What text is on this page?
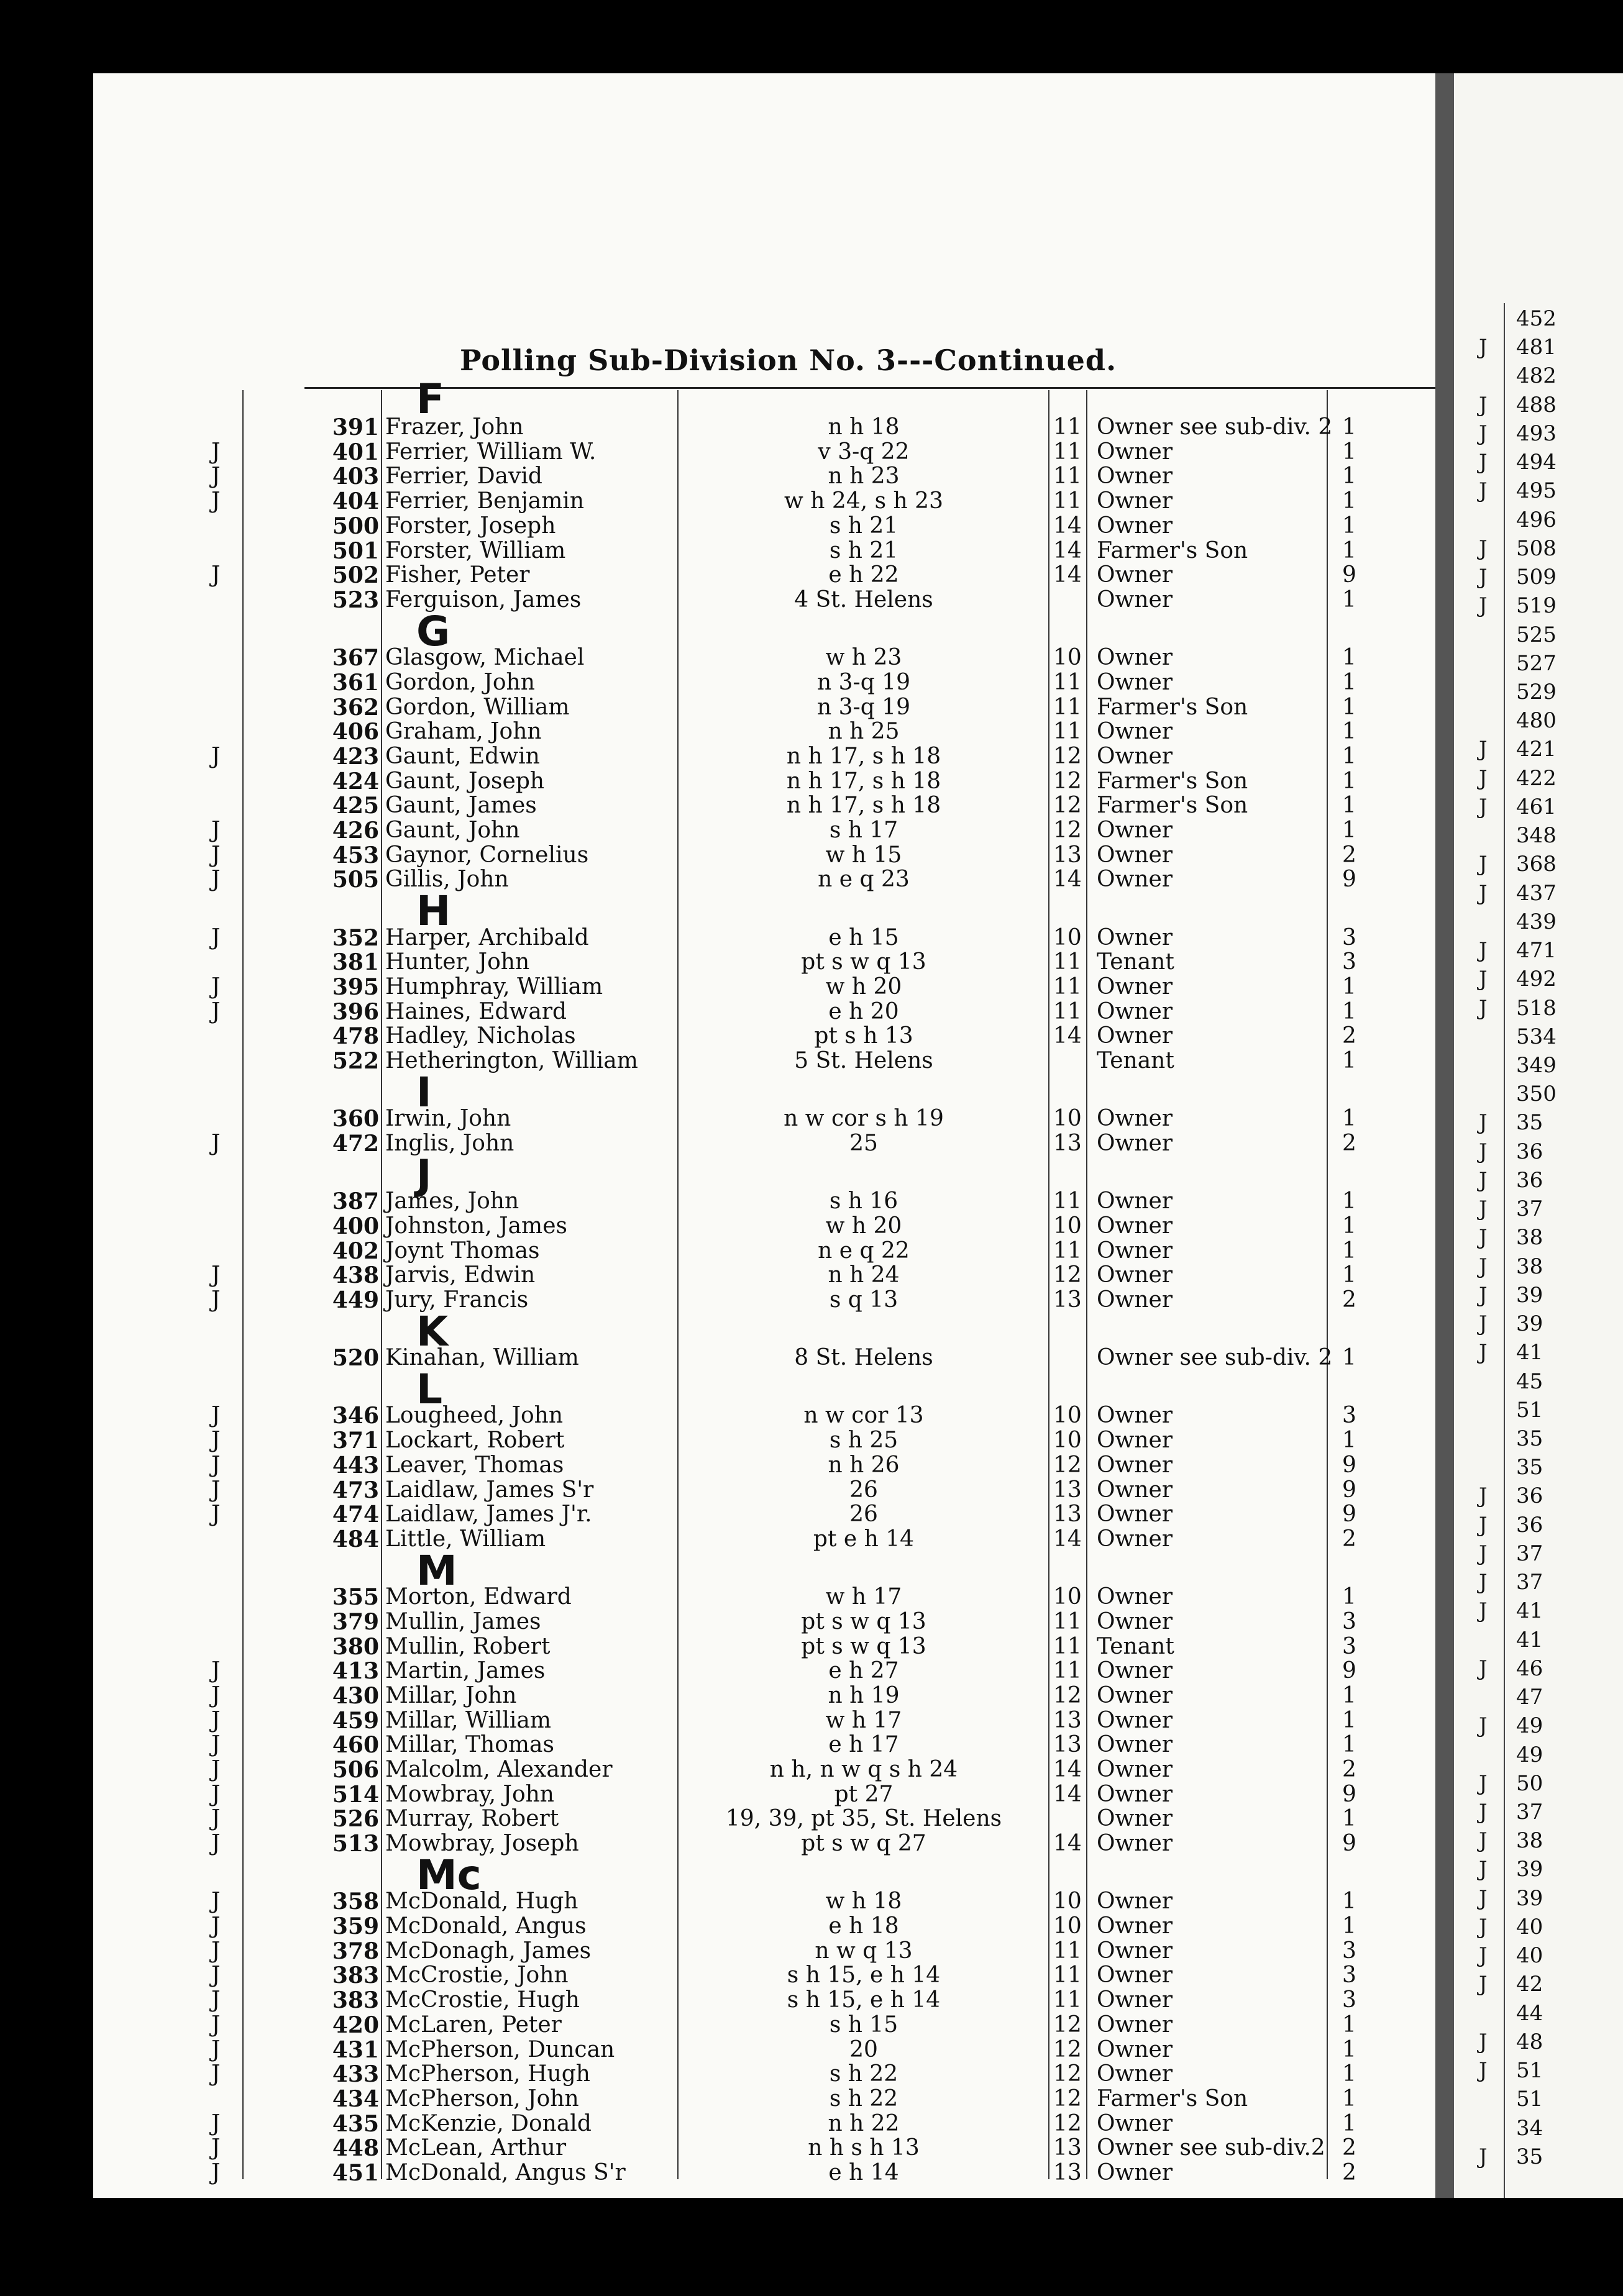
Polling Sub-Division No. 3---Continued.
F
391 Frazer, John	n h 18	11 Owner see sub-div. 2 1
J	401 Ferrier, William W.	v 3-q 22	11 Owner	1
J	403 Ferrier, David	n h 23	11 Owner	1
J	404 Ferrier, Benjamin	w h 24, s h 23	11 Owner	1
500 Forster, Joseph	s h 21	14 Owner	1
501 Forster, William	s h 21	14 Farmer's Son	1
J	502 Fisher, Peter	e h 22	14 Owner	9
523 Ferguison, James	4 St. Helens	Owner	1
G
367 Glasgow, Michael	w h 23	10 Owner	1
361 Gordon, John	n 3-q 19	11 Owner	1
362 Gordon, William	n 3-q 19	11 Farmer's Son	1
406 Graham, John	n h 25	11 Owner	1
J	423 Gaunt, Edwin	n h 17, s h 18	12 Owner	1
424 Gaunt, Joseph	n h 17, s h 18	12 Farmer's Son	1
425 Gaunt, James	n h 17, s h 18	12 Farmer's Son	1
J	426 Gaunt, John	s h 17	12 Owner	1
J	453 Gaynor, Cornelius	w h 15	13 Owner	2
J	505 Gillis, John	n e q 23	14 Owner	9
H
J	352 Harper, Archibald	e h 15	10 Owner	3
381 Hunter, John	pt s w q 13	11 Tenant	3
J	395 Humphray, William	w h 20	11 Owner	1
J	396 Haines, Edward	e h 20	11 Owner	1
478 Hadley, Nicholas	pt s h 13	14 Owner	2
522 Hetherington, William	5 St. Helens	Tenant	1
I
360 Irwin, John	n w cor s h 19	10 Owner	1
J	472 Inglis, John	25	13 Owner	2
J
387 James, John	s h 16	11 Owner	1
400 Johnston, James	w h 20	10 Owner	1
402 Joynt Thomas	n e q 22	11 Owner	1
J	438 Jarvis, Edwin	n h 24	12 Owner	1
J	449 Jury, Francis	s q 13	13 Owner	2
K
520 Kinahan, William	8 St. Helens	Owner see sub-div. 2 1
L
J	346 Lougheed, John	n w cor 13	10 Owner	3
J	371 Lockart, Robert	s h 25	10 Owner	1
J	443 Leaver, Thomas	n h 26	12 Owner	9
J	473 Laidlaw, James S'r	26	13 Owner	9
J	474 Laidlaw, James J'r.	26	13 Owner	9
484 Little, William	pt e h 14	14 Owner	2
M
355 Morton, Edward	w h 17	10 Owner	1
379 Mullin, James	pt s w q 13	11 Owner	3
380 Mullin, Robert	pt s w q 13	11 Tenant	3
J	413 Martin, James	e h 27	11 Owner	9
J	430 Millar, John	n h 19	12 Owner	1
J	459 Millar, William	w h 17	13 Owner	1
J	460 Millar, Thomas	e h 17	13 Owner	1
J	506 Malcolm, Alexander	n h, n w q s h 24	14 Owner	2
J	514 Mowbray, John	pt 27	14 Owner	9
J	526 Murray, Robert	19, 39, pt 35, St. Helens	Owner	1
J	513 Mowbray, Joseph	pt s w q 27	14 Owner	9
Mc
J	358 McDonald, Hugh	w h 18	10 Owner	1
J	359 McDonald, Angus	e h 18	10 Owner	1
J	378 McDonagh, James	n w q 13	11 Owner	3
J	383 McCrostie, John	s h 15, e h 14	11 Owner	3
J	383 McCrostie, Hugh	s h 15, e h 14	11 Owner	3
J	420 McLaren, Peter	s h 15	12 Owner	1
J	431 McPherson, Duncan	20	12 Owner	1
J	433 McPherson, Hugh	s h 22	12 Owner	1
434 McPherson, John	s h 22	12 Farmer's Son	1
J	435 McKenzie, Donald	n h 22	12 Owner	1
J	448 McLean, Arthur	n h s h 13	13 Owner see sub-div.2 2
J	451 McDonald, Angus S'r	e h 14	13 Owner	2
452
J 481
482
J 488
J 493
J 494
J 495
496
J 508
J 509
J 519
525
527
529
480
J 421
J 422
J 461
348
J 368
J 437
439
J 471
J 492
J 518
534
349
350
J 35
J 36
J 36
J 37
J 38
J 38
J 39
J 39
J 41
45
51
35
35
J 36
J 36
J 37
J 37
J 41
41
J 46
47
J 49
49
J 50
J 37
J 38
J 39
J 39
J 40
J 40
J 42
44
J 48
J 51
51
34
J 35
